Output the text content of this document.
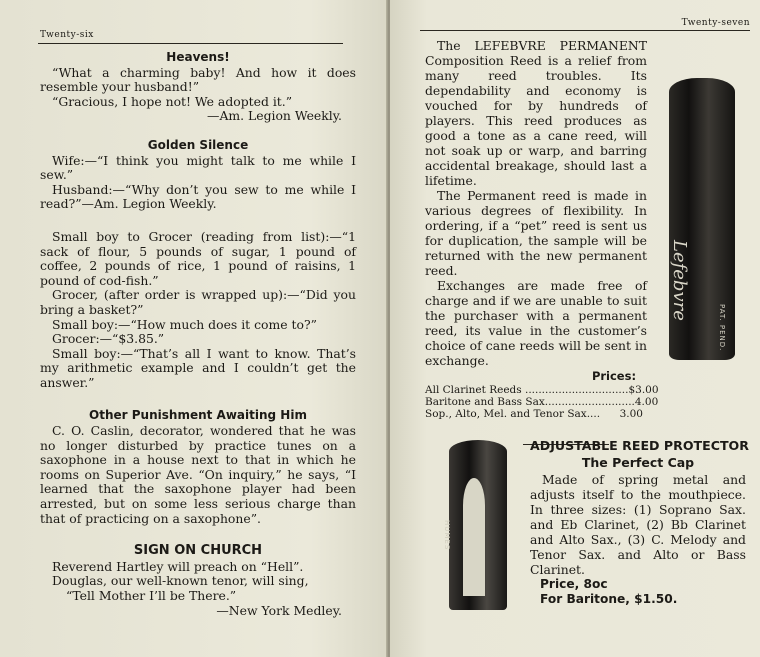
Twenty-six
Twenty-seven
Heavens!

“What a charming baby! And how it does resemble your husband!”

“Gracious, I hope not! We adopted it.”

—Am. Legion Weekly.

Golden Silence

Wife:—“I think you might talk to me while I sew.”

Husband:—“Why don’t you sew to me while I read?”—Am. Legion Weekly.

Small boy to Grocer (reading from list):—“1 sack of flour, 5 pounds of sugar, 1 pound of coffee, 2 pounds of rice, 1 pound of raisins, 1 pound of cod-fish.”

Grocer, (after order is wrapped up):—“Did you bring a basket?”

Small boy:—“How much does it come to?”

Grocer:—“$3.85.”

Small boy:—“That’s all I want to know. That’s my arithmetic example and I couldn’t get the answer.”

Other Punishment Awaiting Him

C. O. Caslin, decorator, wondered that he was no longer disturbed by practice tunes on a saxophone in a house next to that in which he rooms on Superior Ave. “On inquiry,” he says, “I learned that the saxophone player had been arrested, but on some less serious charge than that of practicing on a saxophone”.

SIGN ON CHURCH

Reverend Hartley will preach on “Hell”.

Douglas, our well-known tenor, will sing,

“Tell Mother I’ll be There.”

—New York Medley.

Lefebvre
PAT. PEND.

The LEFEBVRE PERMANENT Composition Reed is a relief from many reed troubles. Its dependability and economy is vouched for by hundreds of players. This reed produces as good a tone as a cane reed, will not soak up or warp, and barring accidental breakage, should last a lifetime.

The Permanent reed is made in various degrees of flexibility. In ordering, if a “pet” reed is sent us for duplication, the sample will be returned with the new permanent reed.

Exchanges are made free of charge and if we are unable to suit the purchaser with a permanent reed, its value in the customer’s choice of cane reeds will be sent in exchange.

Prices:
All Clarinet Reeds ............................... $3.00
Baritone and Bass Sax........................... 4.00
Sop., Alto, Mel. and Tenor Sax....	3.00
HUMES
ADJUSTABLE REED PROTECTOR
The Perfect Cap

Made of spring metal and adjusts itself to the mouthpiece. In three sizes: (1) Soprano Sax. and Eb Clarinet, (2) Bb Clarinet and Alto Sax., (3) C. Melody and Tenor Sax. and Alto or Bass Clarinet.

Price, 8oc
For Baritone, $1.50.
